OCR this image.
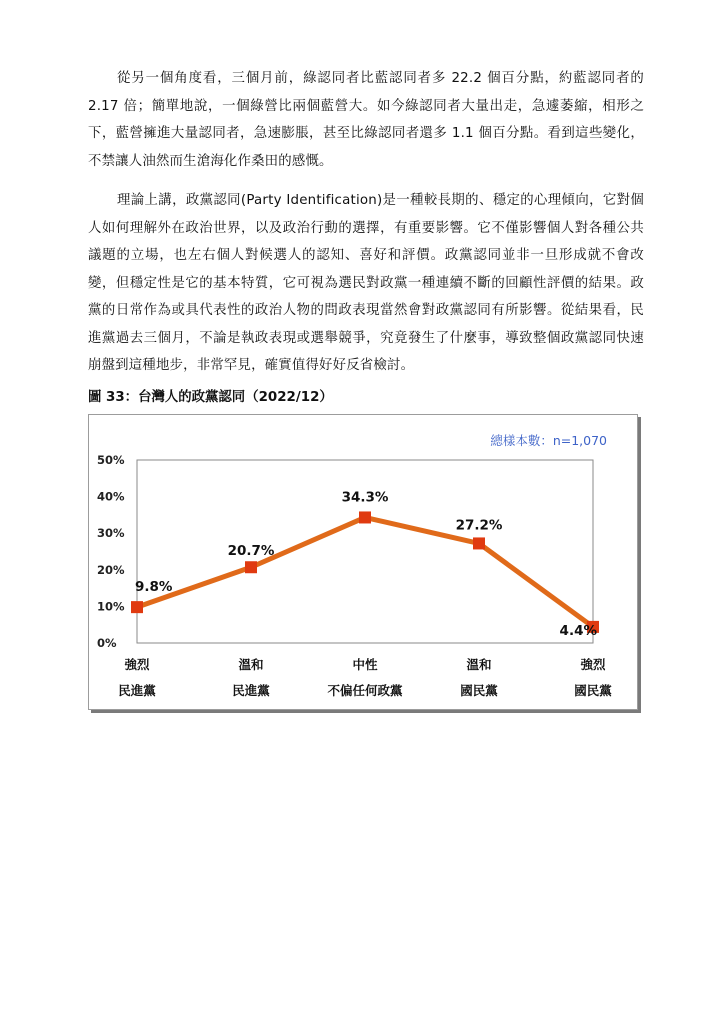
從另一個角度看，三個月前，綠認同者比藍認同者多 22.2 個百分點，約藍認同者的 2.17 倍；簡單地說，一個綠營比兩個藍營大。如今綠認同者大量出走，急遽萎縮，相形之下，藍營擁進大量認同者，急速膨脹，甚至比綠認同者還多 1.1 個百分點。看到這些變化，不禁讓人油然而生滄海化作桑田的感慨。

理論上講，政黨認同(Party Identification)是一種較長期的、穩定的心理傾向，它對個人如何理解外在政治世界，以及政治行動的選擇，有重要影響。它不僅影響個人對各種公共議題的立場，也左右個人對候選人的認知、喜好和評價。政黨認同並非一旦形成就不會改變，但穩定性是它的基本特質，它可視為選民對政黨一種連續不斷的回顧性評價的結果。政黨的日常作為或具代表性的政治人物的問政表現當然會對政黨認同有所影響。從結果看，民進黨過去三個月，不論是執政表現或選舉競爭，究竟發生了什麼事，導致整個政黨認同快速崩盤到這種地步，非常罕見，確實值得好好反省檢討。

圖 33：台灣人的政黨認同（2022/12）

總樣本數：n=1,070
0%
10%
20%
30%
40%
50%
9.8%
20.7%
34.3%
27.2%
4.4%
強烈
民進黨
溫和
民進黨
中性
不偏任何政黨
溫和
國民黨
強烈
國民黨
